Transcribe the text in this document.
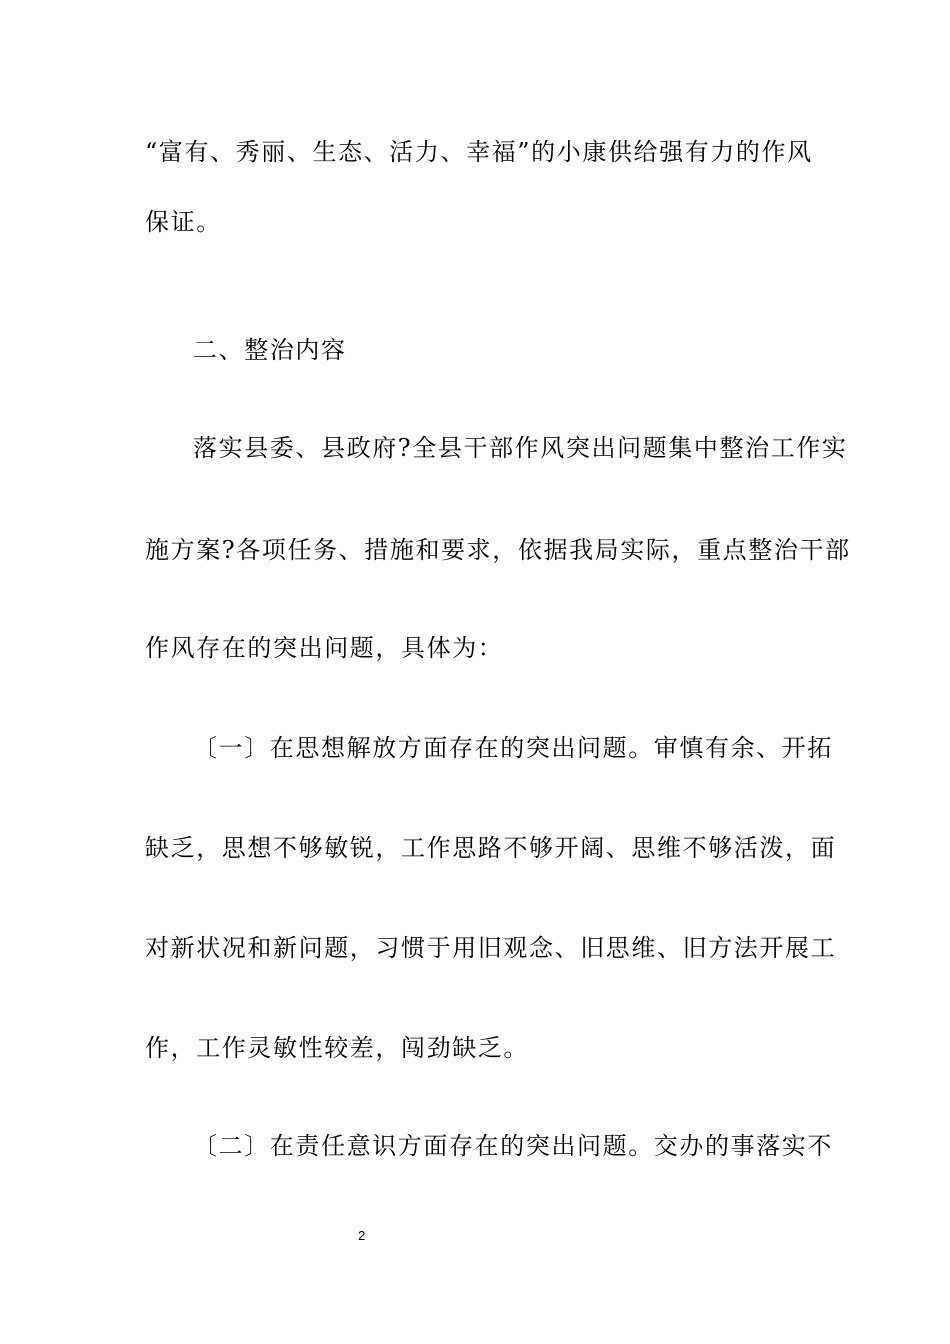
“富有、秀丽、生态、活力、幸福”的小康供给强有力的作风
保证。
二、整治内容
落实县委、县政府?全县干部作风突出问题集中整治工作实
施方案?各项任务、措施和要求，依据我局实际，重点整治干部
作风存在的突出问题，具体为：
〔一〕在思想解放方面存在的突出问题。审慎有余、开拓
缺乏，思想不够敏锐，工作思路不够开阔、思维不够活泼，面
对新状况和新问题，习惯于用旧观念、旧思维、旧方法开展工
作，工作灵敏性较差，闯劲缺乏。
〔二〕在责任意识方面存在的突出问题。交办的事落实不
2
